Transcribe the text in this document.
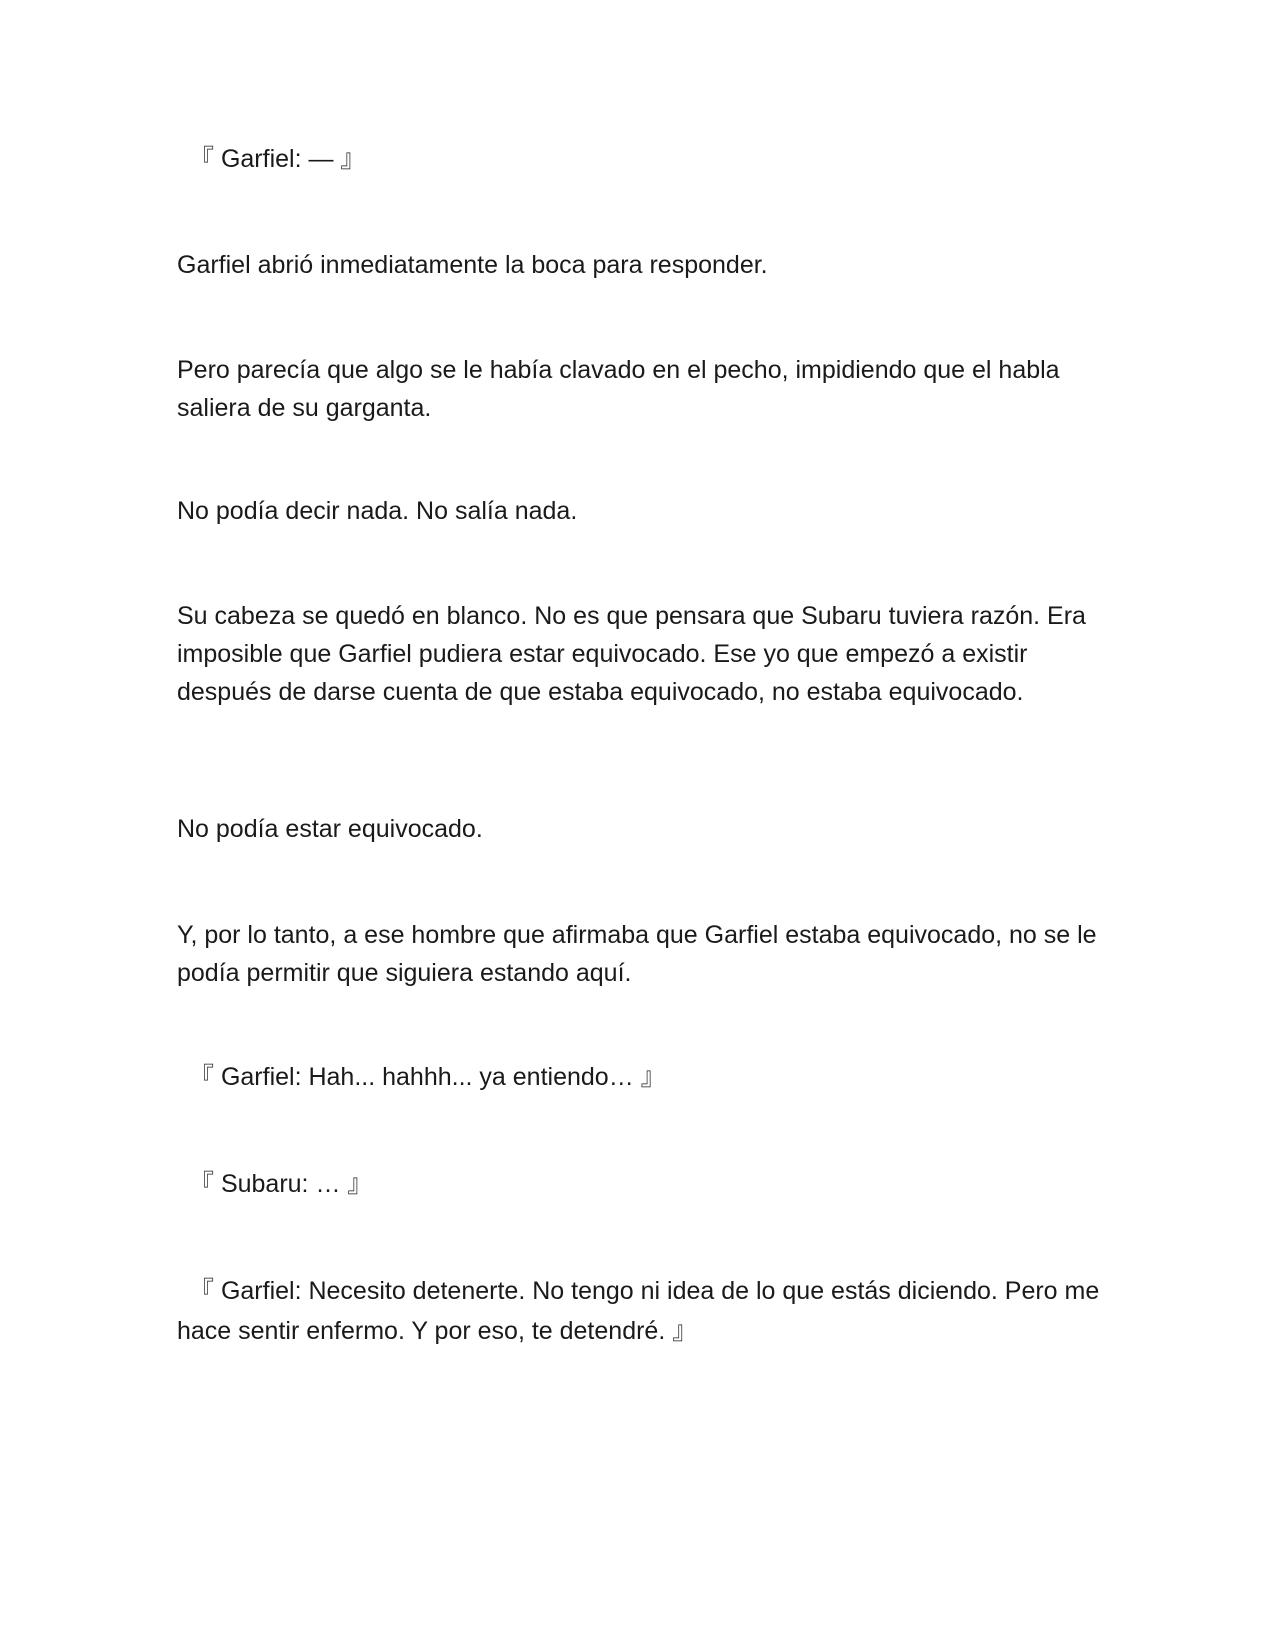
『 Garfiel: — 』

Garfiel abrió inmediatamente la boca para responder.

Pero parecía que algo se le había clavado en el pecho, impidiendo que el habla saliera de su garganta.

No podía decir nada. No salía nada.

Su cabeza se quedó en blanco. No es que pensara que Subaru tuviera razón. Era imposible que Garfiel pudiera estar equivocado. Ese yo que empezó a existir después de darse cuenta de que estaba equivocado, no estaba equivocado.

No podía estar equivocado.

Y, por lo tanto, a ese hombre que afirmaba que Garfiel estaba equivocado, no se le podía permitir que siguiera estando aquí.

『 Garfiel: Hah... hahhh... ya entiendo… 』

『 Subaru: … 』

『 Garfiel: Necesito detenerte. No tengo ni idea de lo que estás diciendo. Pero me hace sentir enfermo. Y por eso, te detendré. 』
